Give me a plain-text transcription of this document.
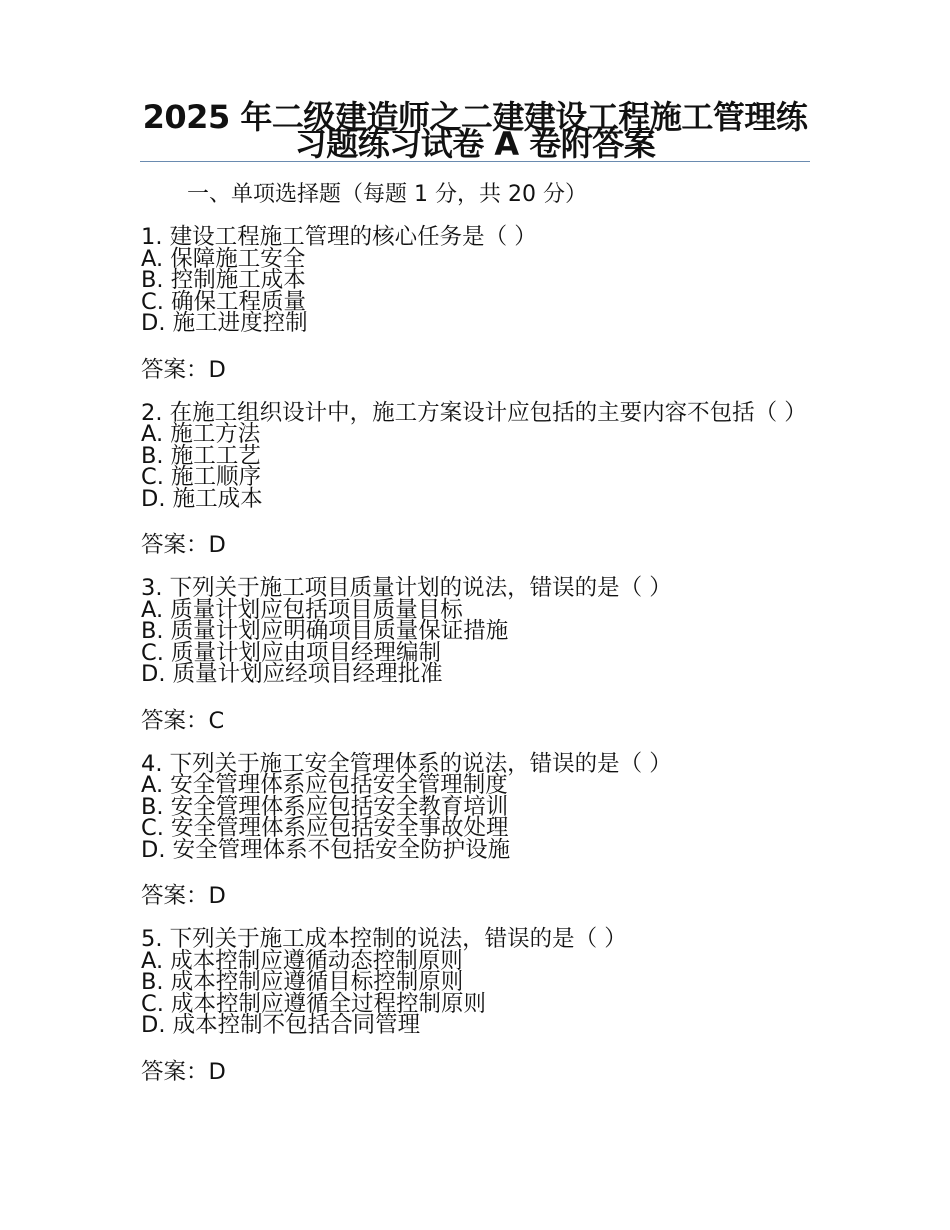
2025 年二级建造师之二建建设工程施工管理练习题练习试卷 A 卷附答案
一、单项选择题（每题 1 分，共 20 分）
1. 建设工程施工管理的核心任务是（ ）
A. 保障施工安全
B. 控制施工成本
C. 确保工程质量
D. 施工进度控制
答案：D
2. 在施工组织设计中，施工方案设计应包括的主要内容不包括（ ）
A. 施工方法
B. 施工工艺
C. 施工顺序
D. 施工成本
答案：D
3. 下列关于施工项目质量计划的说法，错误的是（ ）
A. 质量计划应包括项目质量目标
B. 质量计划应明确项目质量保证措施
C. 质量计划应由项目经理编制
D. 质量计划应经项目经理批准
答案：C
4. 下列关于施工安全管理体系的说法，错误的是（ ）
A. 安全管理体系应包括安全管理制度
B. 安全管理体系应包括安全教育培训
C. 安全管理体系应包括安全事故处理
D. 安全管理体系不包括安全防护设施
答案：D
5. 下列关于施工成本控制的说法，错误的是（ ）
A. 成本控制应遵循动态控制原则
B. 成本控制应遵循目标控制原则
C. 成本控制应遵循全过程控制原则
D. 成本控制不包括合同管理
答案：D
